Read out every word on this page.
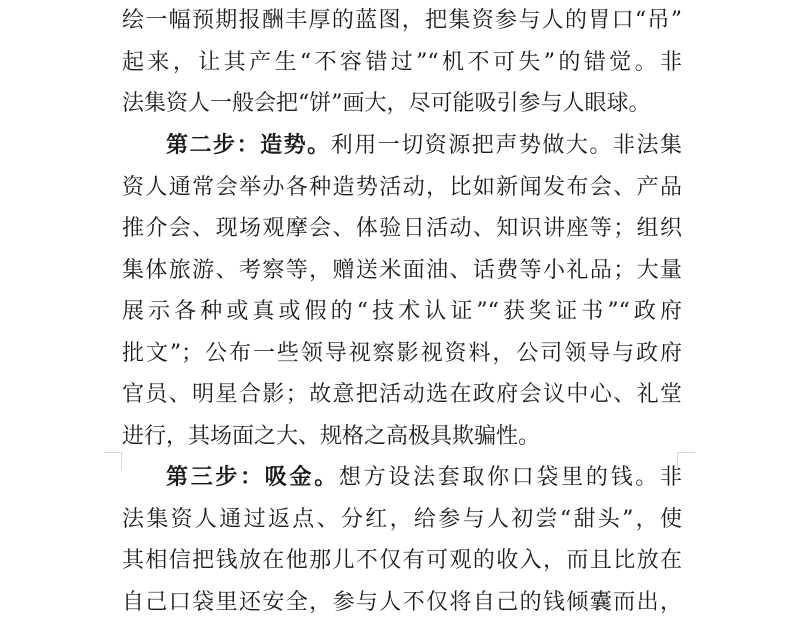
绘一幅预期报酬丰厚的蓝图，把集资参与人的胃口“吊”
起来，让其产生“不容错过”“机不可失”的错觉。非
法集资人一般会把“饼”画大，尽可能吸引参与人眼球。
第二步：造势。利用一切资源把声势做大。非法集
资人通常会举办各种造势活动，比如新闻发布会、产品
推介会、现场观摩会、体验日活动、知识讲座等；组织
集体旅游、考察等，赠送米面油、话费等小礼品；大量
展示各种或真或假的“技术认证”“获奖证书”“政府
批文”；公布一些领导视察影视资料，公司领导与政府
官员、明星合影；故意把活动选在政府会议中心、礼堂
进行，其场面之大、规格之高极具欺骗性。
第三步：吸金。想方设法套取你口袋里的钱。非
法集资人通过返点、分红，给参与人初尝“甜头”，使
其相信把钱放在他那儿不仅有可观的收入，而且比放在
自己口袋里还安全，参与人不仅将自己的钱倾囊而出，
